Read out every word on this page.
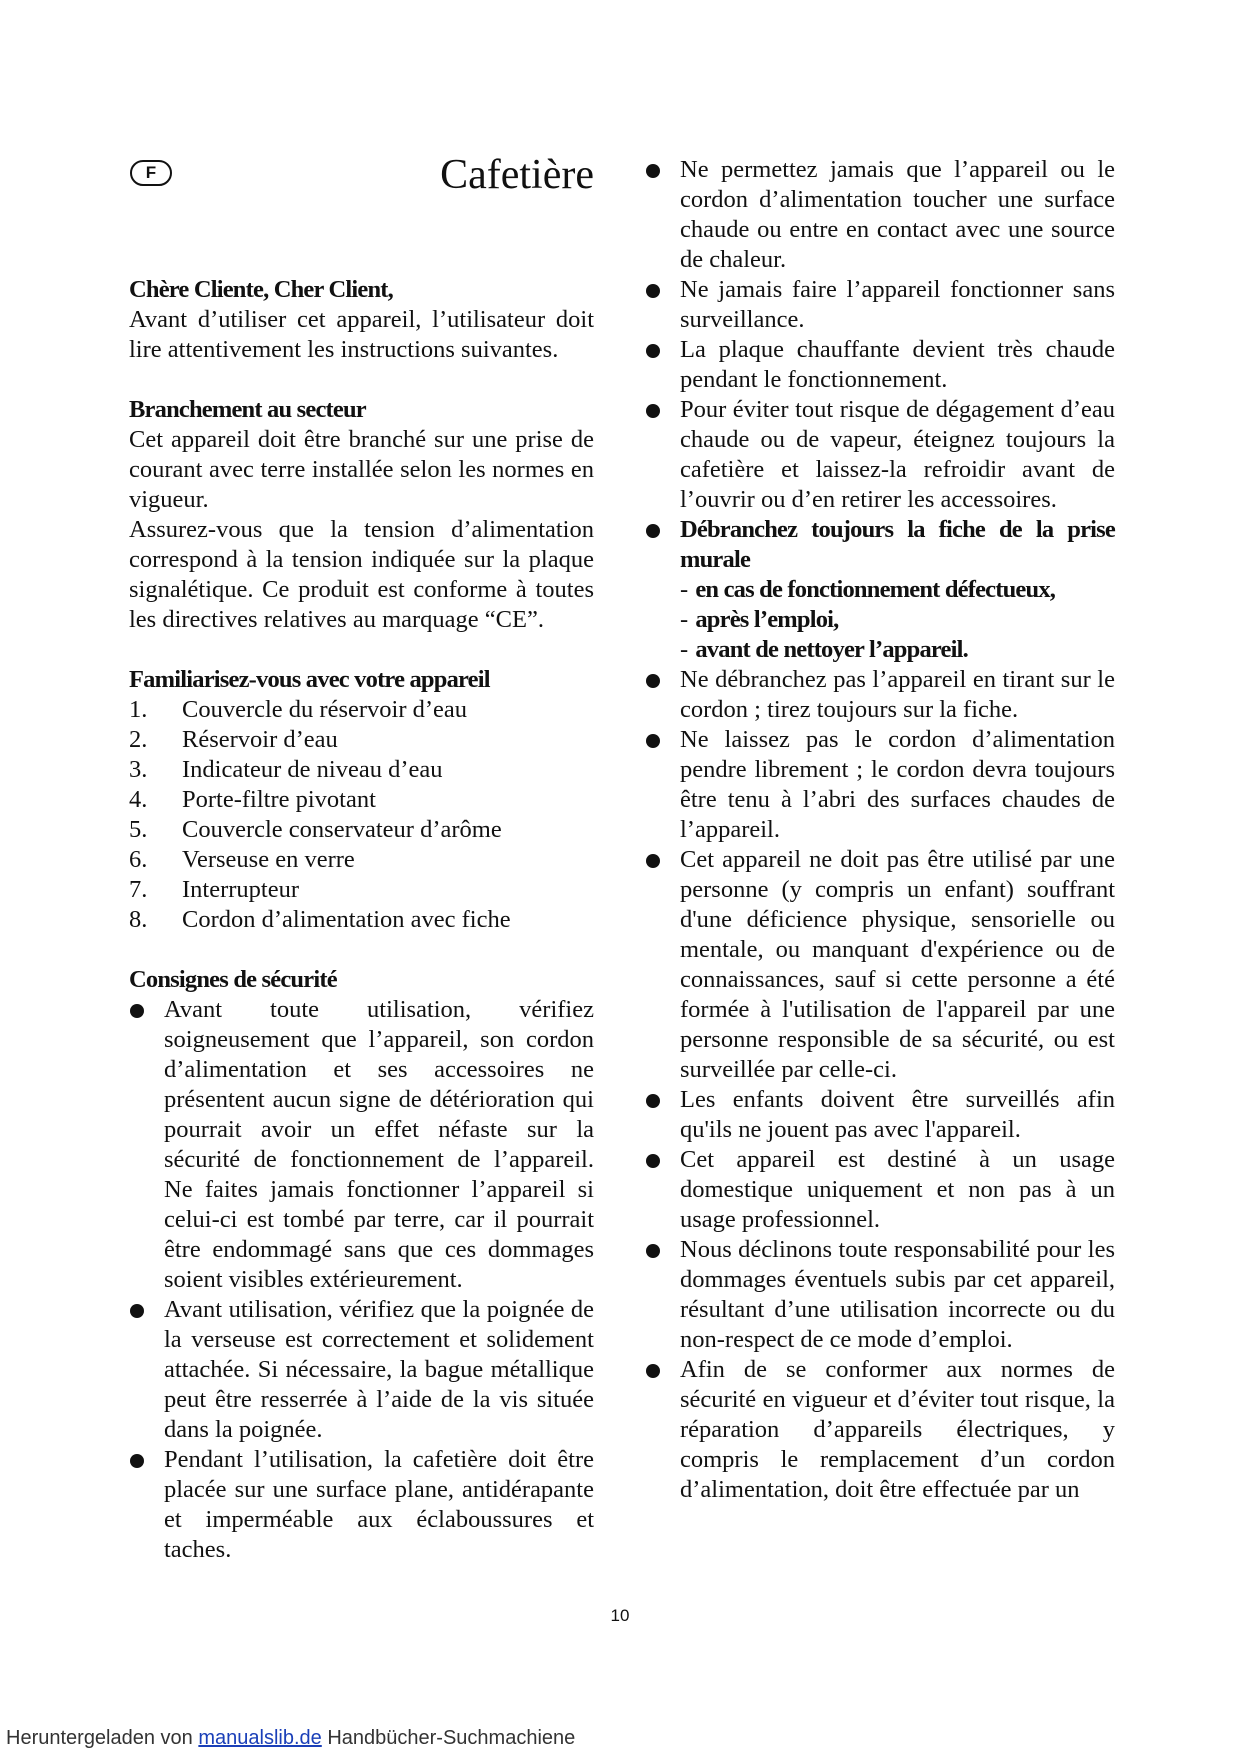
F	Cafetière

Chère Cliente, Cher Client,

Avant d’utiliser cet appareil, l’utilisateur doit lire attentivement les instructions suivantes.

Branchement au secteur

Cet appareil doit être branché sur une prise de courant avec terre installée selon les normes en vigueur.

Assurez-vous que la tension d’alimentation correspond à la tension indiquée sur la plaque signalétique. Ce produit est conforme à toutes les directives relatives au marquage “CE”.

Familiarisez-vous avec votre appareil

1.	Couvercle du réservoir d’eau
2.	Réservoir d’eau
3.	Indicateur de niveau d’eau
4.	Porte-filtre pivotant
5.	Couvercle conservateur d’arôme
6.	Verseuse en verre
7.	Interrupteur
8.	Cordon d’alimentation avec fiche

Consignes de sécurité

Avant toute utilisation, vérifiez soigneusement que l’appareil, son cordon d’alimentation et ses accessoires ne présentent aucun signe de détérioration qui pourrait avoir un effet néfaste sur la sécurité de fonctionnement de l’appareil. Ne faites jamais fonctionner l’appareil si celui-ci est tombé par terre, car il pourrait être endommagé sans que ces dommages soient visibles extérieurement.
Avant utilisation, vérifiez que la poignée de la verseuse est correctement et solidement attachée. Si nécessaire, la bague métallique peut être resserrée à l’aide de la vis située dans la poignée.
Pendant l’utilisation, la cafetière doit être placée sur une surface plane, antidérapante et imperméable aux éclaboussures et taches.
Ne permettez jamais que l’appareil ou le cordon d’alimentation toucher une surface chaude ou entre en contact avec une source de chaleur.
Ne jamais faire l’appareil fonctionner sans surveillance.
La plaque chauffante devient très chaude pendant le fonctionnement.
Pour éviter tout risque de dégagement d’eau chaude ou de vapeur, éteignez toujours la cafetière et laissez-la refroidir avant de l’ouvrir ou d’en retirer les accessoires.
Débranchez toujours la fiche de la prise murale
- en cas de fonctionnement défectueux,
- après l’emploi,
- avant de nettoyer l’appareil.
Ne débranchez pas l’appareil en tirant sur le cordon ; tirez toujours sur la fiche.
Ne laissez pas le cordon d’alimentation pendre librement ; le cordon devra toujours être tenu à l’abri des surfaces chaudes de l’appareil.
Cet appareil ne doit pas être utilisé par une personne (y compris un enfant) souffrant d'une déficience physique, sensorielle ou mentale, ou manquant d'expérience ou de connaissances, sauf si cette personne a été formée à l'utilisation de l'appareil par une personne responsible de sa sécurité, ou est surveillée par celle-ci.
Les enfants doivent être surveillés afin qu'ils ne jouent pas avec l'appareil.
Cet appareil est destiné à un usage domestique uniquement et non pas à un usage professionnel.
Nous déclinons toute responsabilité pour les dommages éventuels subis par cet appareil, résultant d’une utilisation incorrecte ou du non-respect de ce mode d’emploi.
Afin de se conformer aux normes de sécurité en vigueur et d’éviter tout risque, la réparation d’appareils électriques, y compris le remplacement d’un cordon d’alimentation, doit être effectuée par un
10
Heruntergeladen von manualslib.de Handbücher-Suchmachiene
